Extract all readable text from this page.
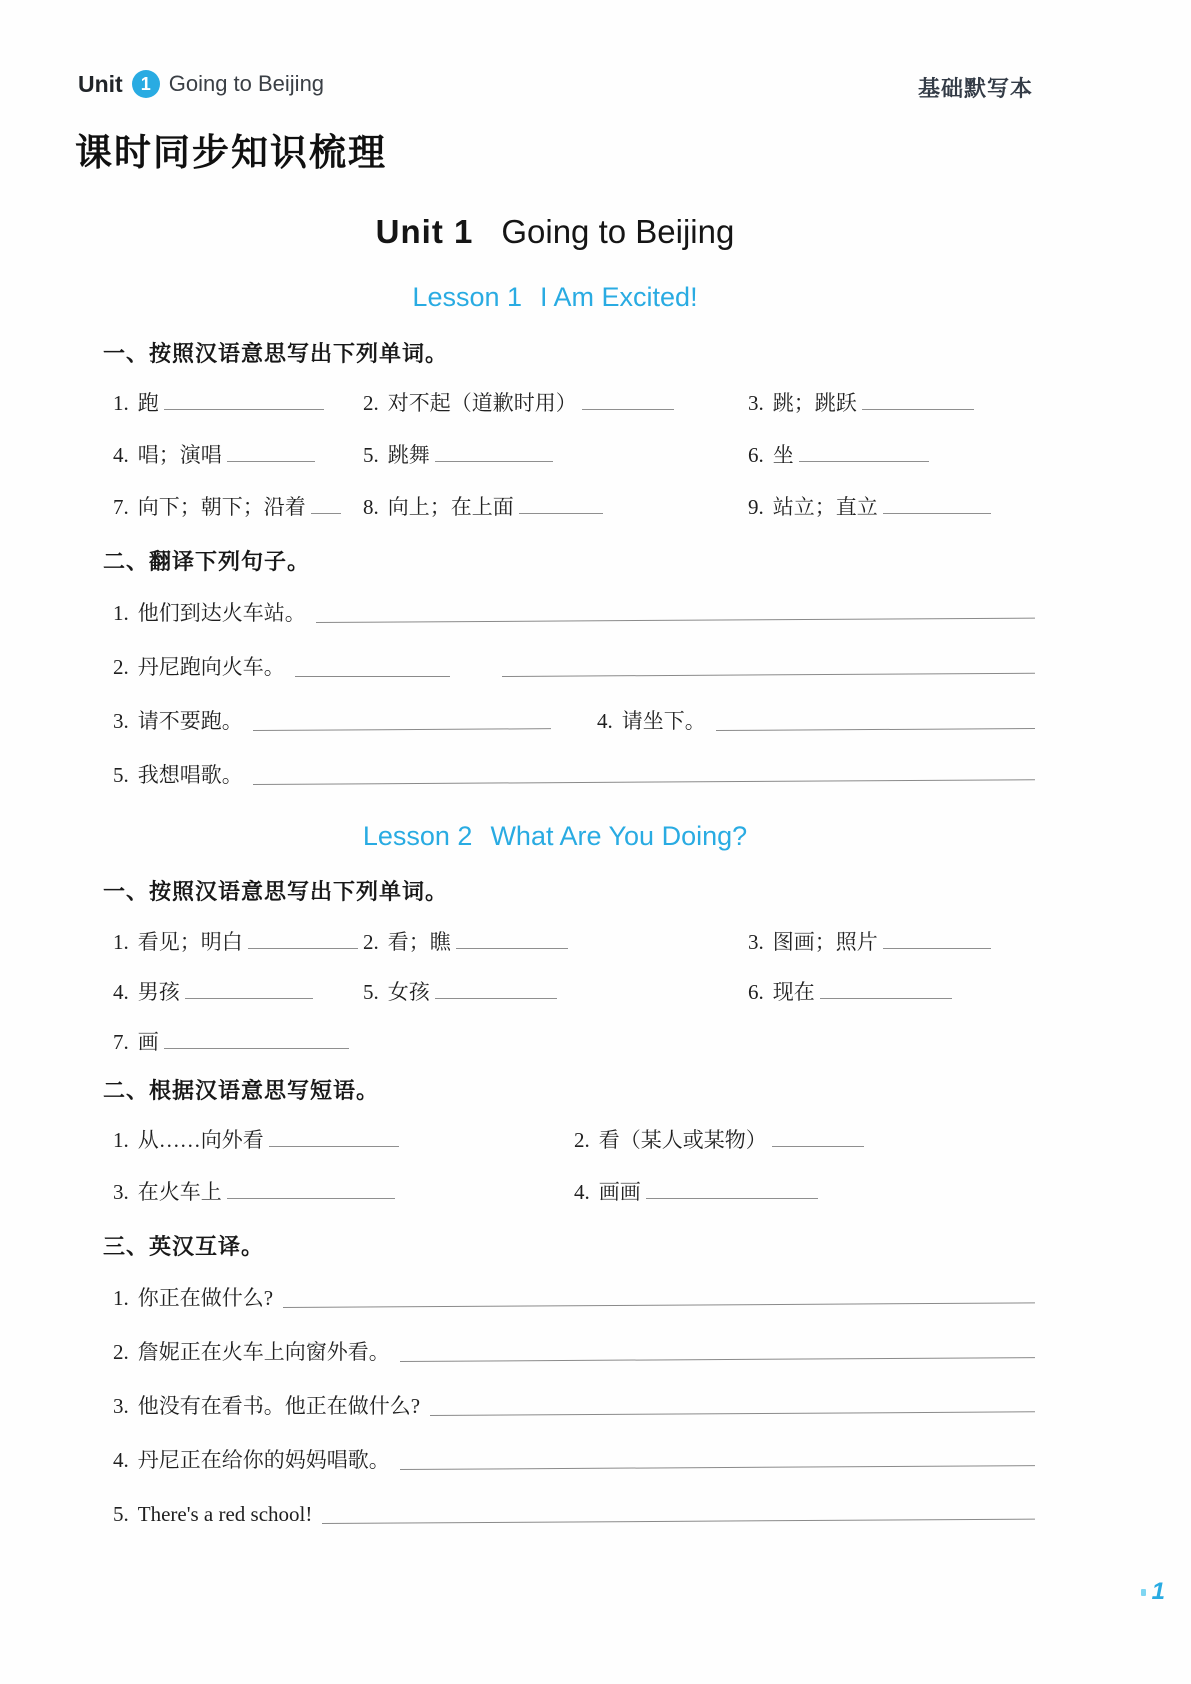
Unit 1 Going to Beijing	基础默写本
课时同步知识梳理
Unit 1 Going to Beijing
Lesson 1 I Am Excited!
一、按照汉语意思写出下列单词。
1. 跑	2. 对不起（道歉时用）	3. 跳；跳跃
4. 唱；演唱	5. 跳舞	6. 坐
7. 向下；朝下；沿着	8. 向上；在上面	9. 站立；直立
二、翻译下列句子。
1. 他们到达火车站。
2. 丹尼跑向火车。
3. 请不要跑。	4. 请坐下。
5. 我想唱歌。
Lesson 2 What Are You Doing?
一、按照汉语意思写出下列单词。
1. 看见；明白	2. 看；瞧	3. 图画；照片
4. 男孩	5. 女孩	6. 现在
7. 画
二、根据汉语意思写短语。
1. 从……向外看	2. 看（某人或某物）
3. 在火车上	4. 画画
三、英汉互译。
1. 你正在做什么?
2. 詹妮正在火车上向窗外看。
3. 他没有在看书。他正在做什么?
4. 丹尼正在给你的妈妈唱歌。
5. There's a red school!
1
